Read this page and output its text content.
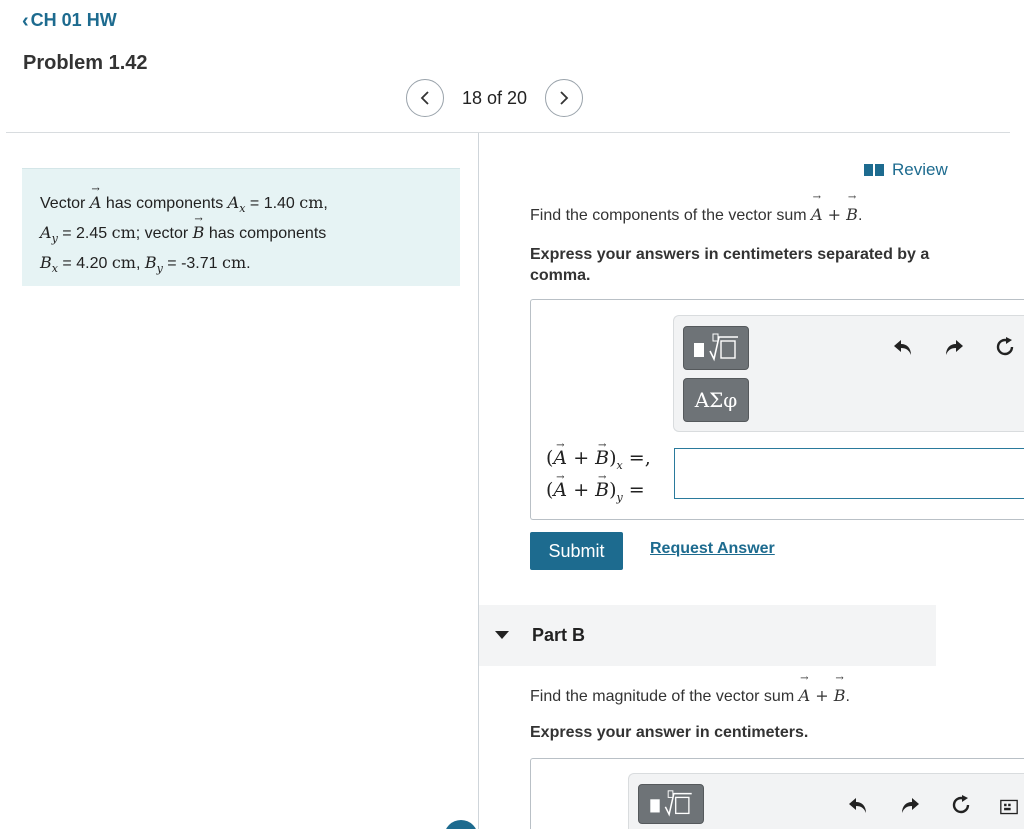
‹ CH 01 HW
Problem 1.42
18 of 20
Vector → A has components $A_x = 1.40$ cm,
$A_y = 2.45$ cm; vector → B has components
$B_x = 4.20$ cm, $B_y = -3.71$ cm.
Review
Find the components of the vector sum → A + → B.
Express your answers in centimeters separated by a comma.
ΑΣφ
(→ A + → $B)_x$ =,
(→ A + → $B)_y$ =
Submit	Request Answer
Part B
Find the magnitude of the vector sum → A + → B.
Express your answer in centimeters.
